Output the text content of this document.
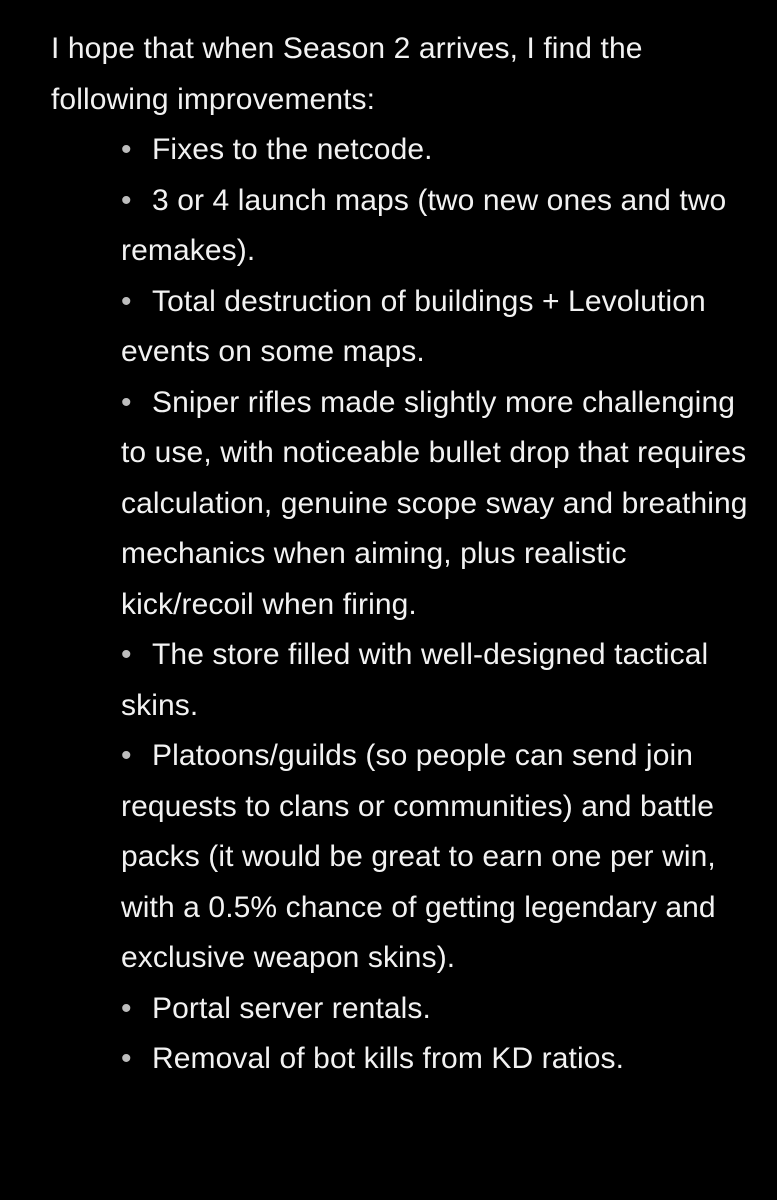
I hope that when Season 2 arrives, I find the following improvements:

• Fixes to the netcode.
• 3 or 4 launch maps (two new ones and two remakes).
• Total destruction of buildings + Levolution events on some maps.
• Sniper rifles made slightly more challenging to use, with noticeable bullet drop that requires calculation, genuine scope sway and breathing mechanics when aiming, plus realistic kick/recoil when firing.
• The store filled with well-designed tactical skins.
• Platoons/guilds (so people can send join requests to clans or communities) and battle packs (it would be great to earn one per win, with a 0.5% chance of getting legendary and exclusive weapon skins).
• Portal server rentals.
• Removal of bot kills from KD ratios.
